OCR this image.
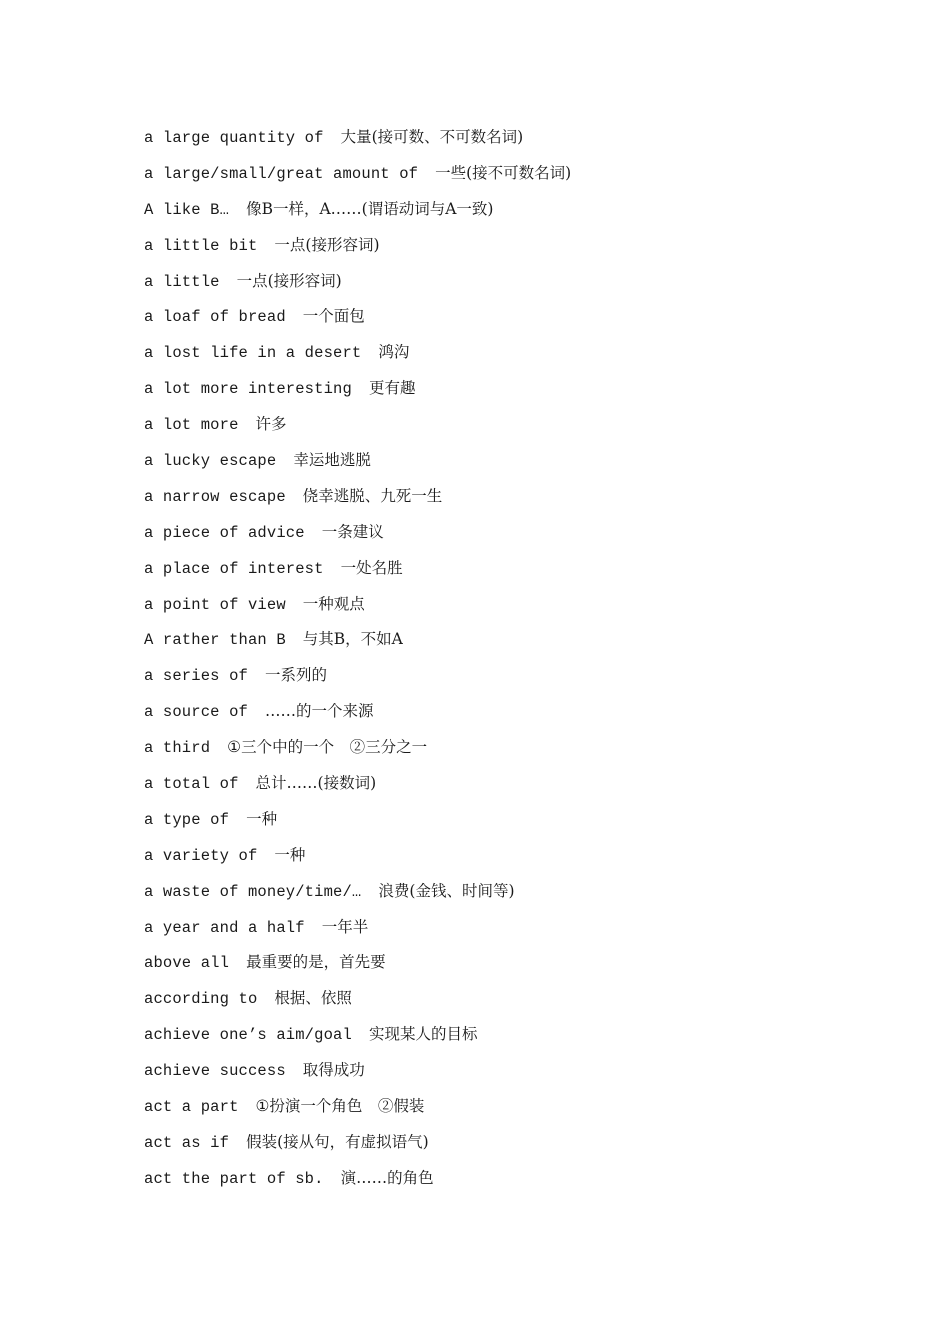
a large quantity of 大量(接可数、不可数名词)
a large/small/great amount of 一些(接不可数名词)
A like B… 像B一样，A……(谓语动词与A一致)
a little bit 一点(接形容词)
a little 一点(接形容词)
a loaf of bread 一个面包
a lost life in a desert 鸿沟
a lot more interesting 更有趣
a lot more 许多
a lucky escape 幸运地逃脱
a narrow escape 侥幸逃脱、九死一生
a piece of advice 一条建议
a place of interest 一处名胜
a point of view 一种观点
A rather than B 与其B，不如A
a series of 一系列的
a source of ……的一个来源
a third ①三个中的一个　②三分之一
a total of 总计……(接数词)
a type of 一种
a variety of 一种
a waste of money/time/… 浪费(金钱、时间等)
a year and a half 一年半
above all 最重要的是，首先要
according to 根据、依照
achieve one’s aim/goal 实现某人的目标
achieve success 取得成功
act a part ①扮演一个角色　②假装
act as if 假装(接从句，有虚拟语气)
act the part of sb. 演……的角色
